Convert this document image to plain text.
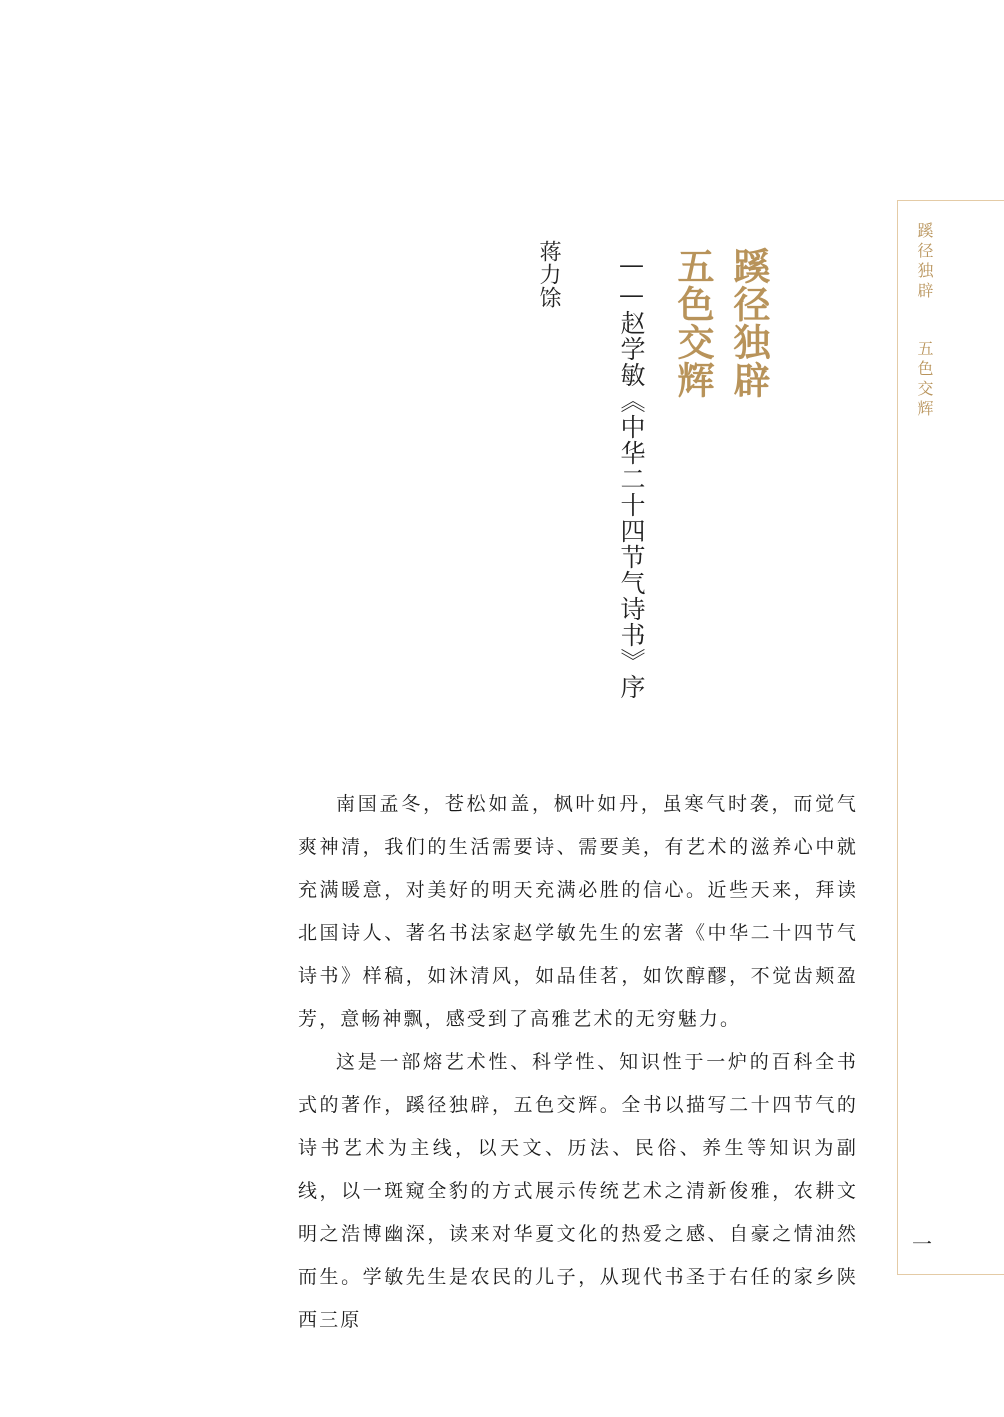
蹊径独辟
五色交辉
——赵学敏《中华二十四节气诗书》序
蒋力馀	蹊径独辟
五色交辉
一

南国孟冬，苍松如盖，枫叶如丹，虽寒气时袭，而觉气爽神清，我们的生活需要诗、需要美，有艺术的滋养心中就充满暖意，对美好的明天充满必胜的信心。近些天来，拜读北国诗人、著名书法家赵学敏先生的宏著《中华二十四节气诗书》样稿，如沐清风，如品佳茗，如饮醇醪，不觉齿颊盈芳，意畅神飘，感受到了高雅艺术的无穷魅力。

这是一部熔艺术性、科学性、知识性于一炉的百科全书式的著作，蹊径独辟，五色交辉。全书以描写二十四节气的诗书艺术为主线，以天文、历法、民俗、养生等知识为副线，以一斑窥全豹的方式展示传统艺术之清新俊雅，农耕文明之浩博幽深，读来对华夏文化的热爱之感、自豪之情油然而生。学敏先生是农民的儿子，从现代书圣于右任的家乡陕西三原
